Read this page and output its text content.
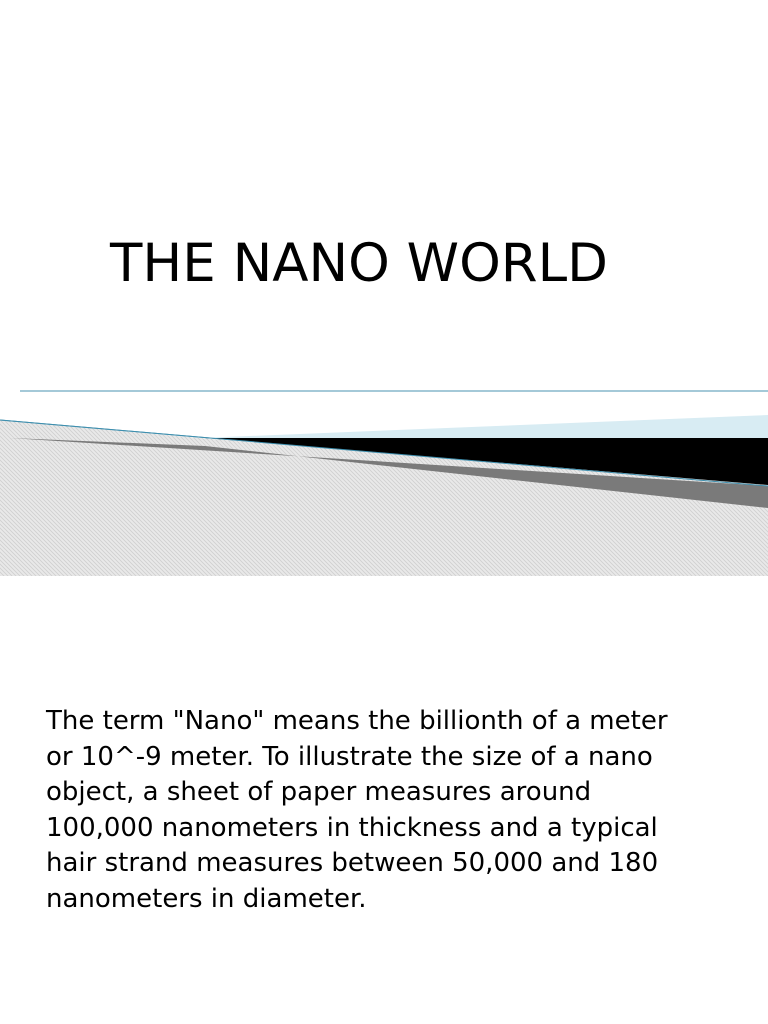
THE NANO WORLD

The term "Nano" means the billionth of a meter
or 10^-9 meter. To illustrate the size of a nano
object, a sheet of paper measures around
100,000 nanometers in thickness and a typical
hair strand measures between 50,000 and 180
nanometers in diameter.
